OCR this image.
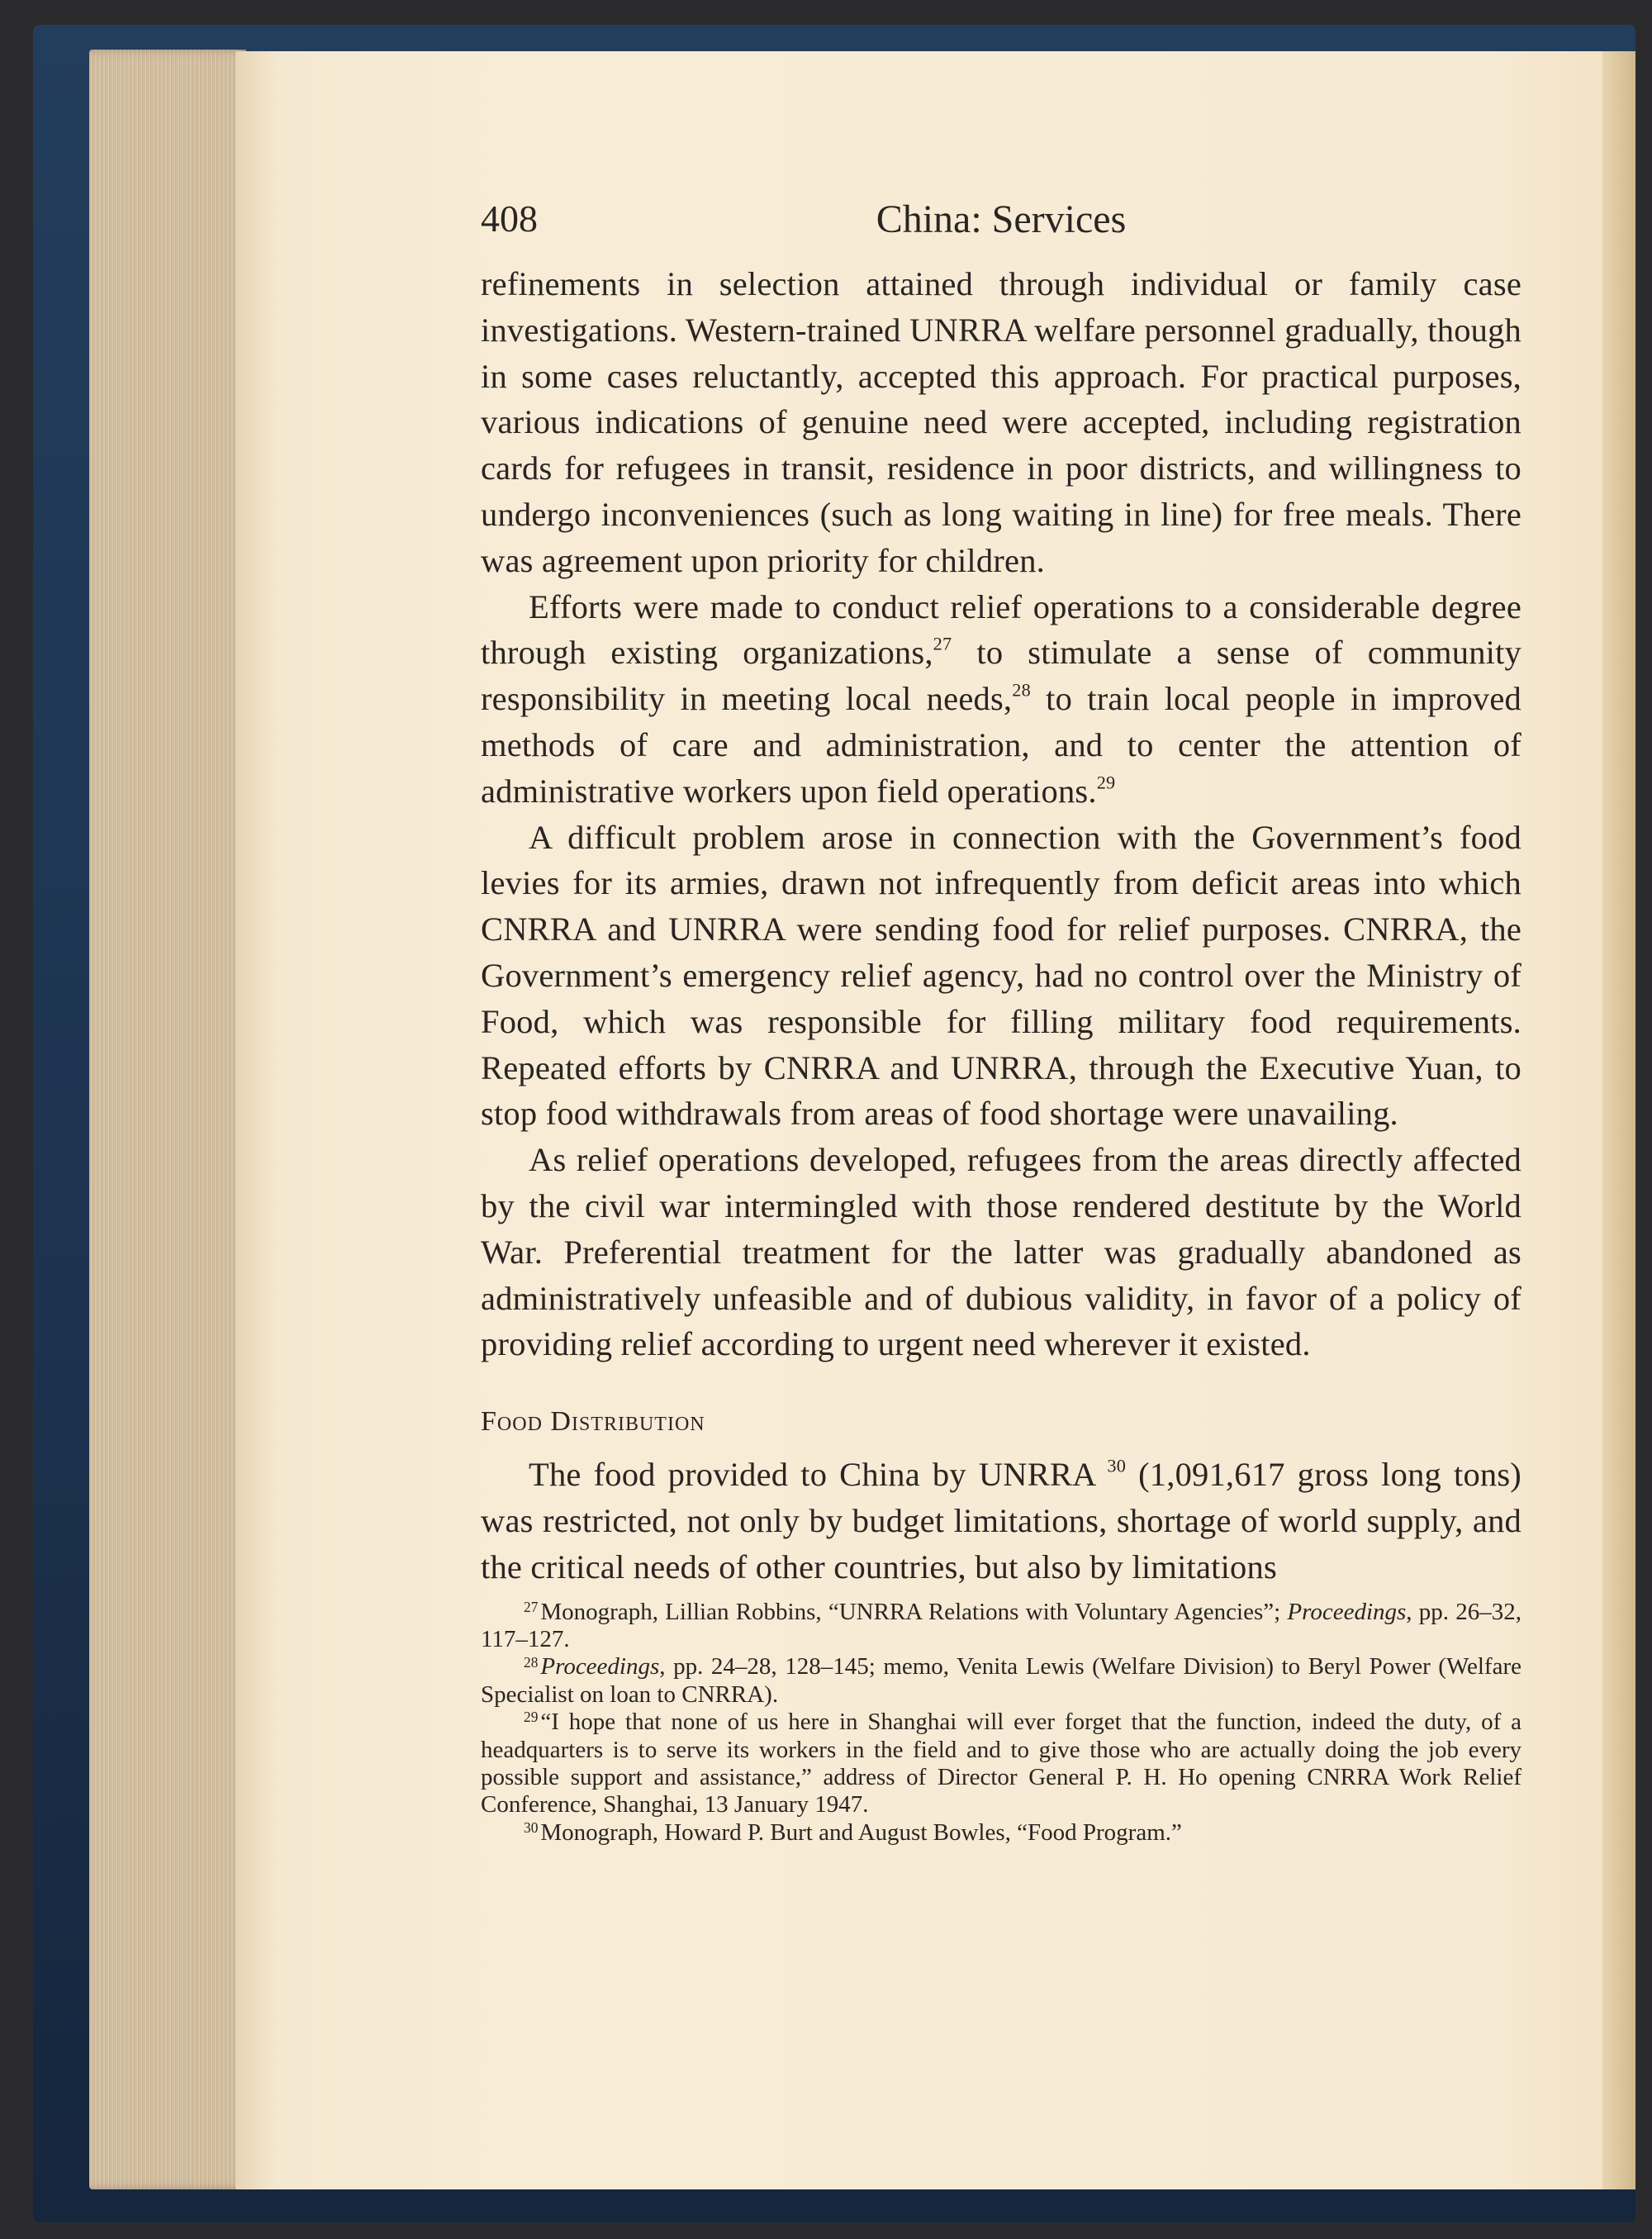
408	China: Services

refinements in selection attained through individual or family case investigations. Western-trained UNRRA welfare personnel gradually, though in some cases reluctantly, accepted this approach. For practical purposes, various indications of genuine need were accepted, including registration cards for refugees in transit, residence in poor districts, and willingness to undergo inconveniences (such as long waiting in line) for free meals. There was agreement upon priority for children.

Efforts were made to conduct relief operations to a considerable degree through existing organizations,$^{27}$ to stimulate a sense of community responsibility in meeting local needs,$^{28}$ to train local people in improved methods of care and administration, and to center the attention of administrative workers upon field operations.$^{29}$

A difficult problem arose in connection with the Government’s food levies for its armies, drawn not infrequently from deficit areas into which CNRRA and UNRRA were sending food for relief purposes. CNRRA, the Government’s emergency relief agency, had no control over the Ministry of Food, which was responsible for filling military food requirements. Repeated efforts by CNRRA and UNRRA, through the Executive Yuan, to stop food withdrawals from areas of food shortage were unavailing.

As relief operations developed, refugees from the areas directly affected by the civil war intermingled with those rendered destitute by the World War. Preferential treatment for the latter was gradually abandoned as administratively unfeasible and of dubious validity, in favor of a policy of providing relief according to urgent need wherever it existed.

Food Distribution

The food provided to China by UNRRA $^{30}$ (1,091,617 gross long tons) was restricted, not only by budget limitations, shortage of world supply, and the critical needs of other countries, but also by limitations

$^{27}$ Monograph, Lillian Robbins, “UNRRA Relations with Voluntary Agencies”; Proceedings, pp. 26–32, 117–127.

$^{28}$ Proceedings, pp. 24–28, 128–145; memo, Venita Lewis (Welfare Division) to Beryl Power (Welfare Specialist on loan to CNRRA).

$^{29}$ “I hope that none of us here in Shanghai will ever forget that the function, indeed the duty, of a headquarters is to serve its workers in the field and to give those who are actually doing the job every possible support and assistance,” address of Director General P. H. Ho opening CNRRA Work Relief Conference, Shanghai, 13 January 1947.

$^{30}$ Monograph, Howard P. Burt and August Bowles, “Food Program.”
